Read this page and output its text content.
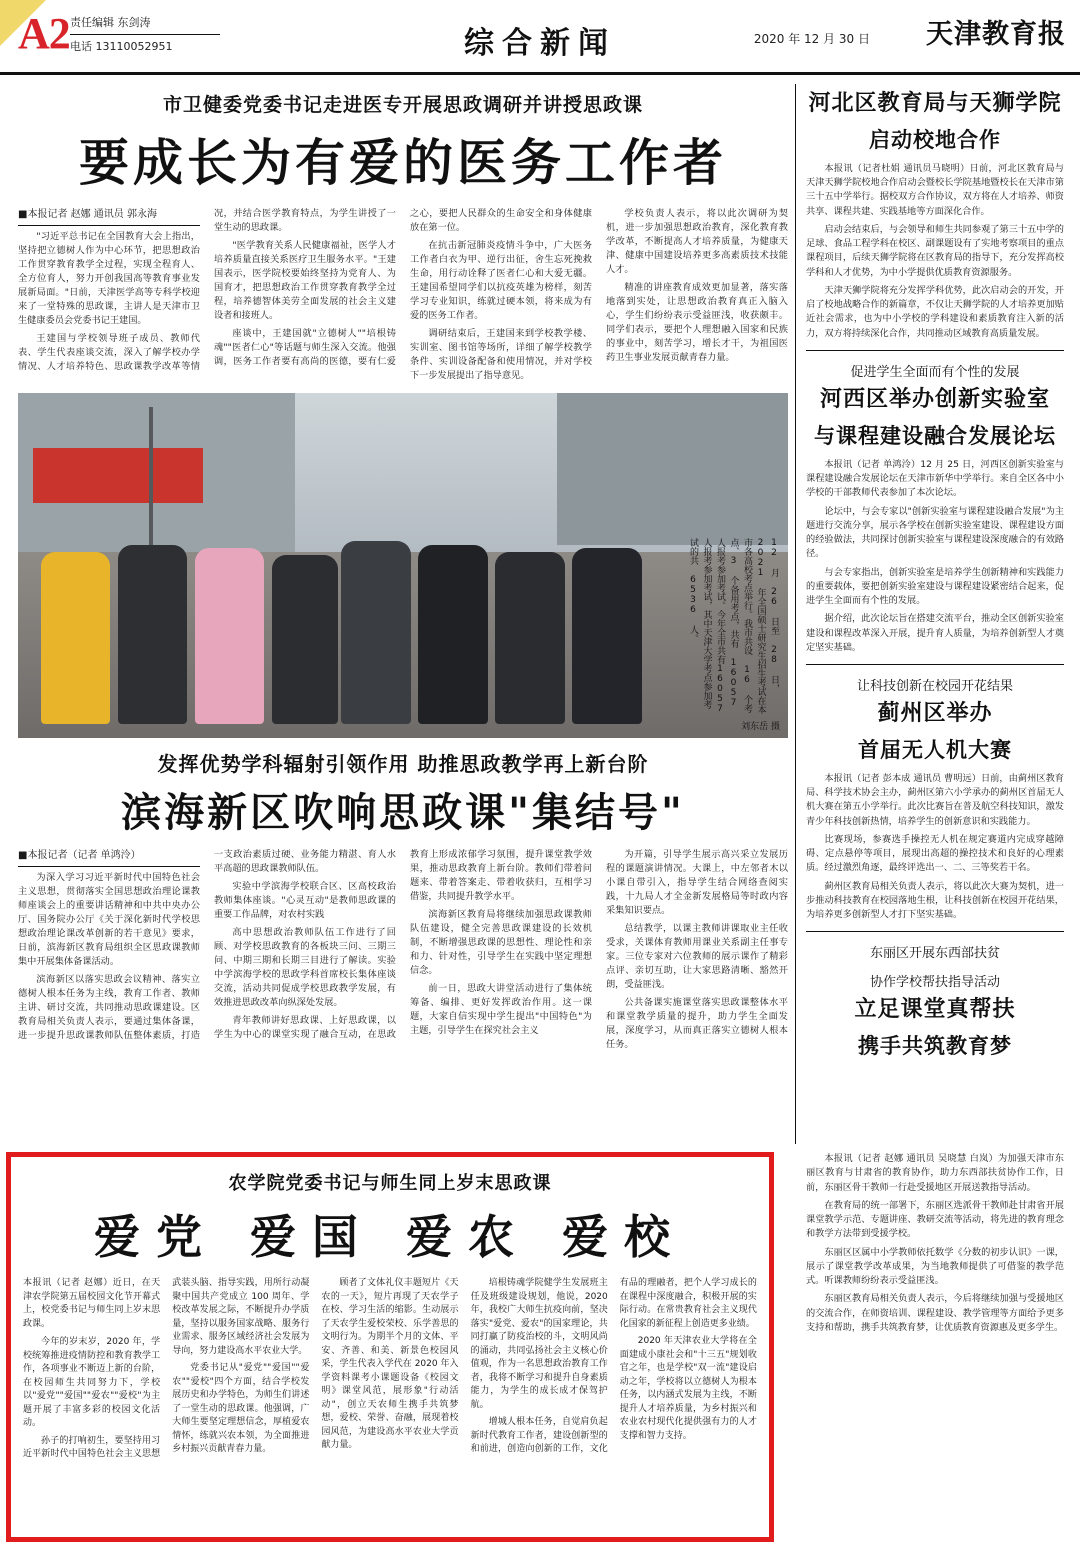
A2 责任编辑 东剑涛
电话 13110052951	综合新闻	2020 年 12 月 30 日 天津教育报
市卫健委党委书记走进医专开展思政调研并讲授思政课
要成长为有爱的医务工作者
■本报记者 赵娜 通讯员 郭永海

"习近平总书记在全国教育大会上指出，坚持把立德树人作为中心环节，把思想政治工作贯穿教育教学全过程，实现全程育人、全方位育人，努力开创我国高等教育事业发展新局面。"日前，天津医学高等专科学校迎来了一堂特殊的思政课，主讲人是天津市卫生健康委员会党委书记王建国。

王建国与学校领导班子成员、教师代表、学生代表座谈交流，深入了解学校办学情况、人才培养特色、思政课教学改革等情况，并结合医学教育特点，为学生讲授了一堂生动的思政课。

"医学教育关系人民健康福祉，医学人才培养质量直接关系医疗卫生服务水平。"王建国表示，医学院校要始终坚持为党育人、为国育才，把思想政治工作贯穿教育教学全过程，培养德智体美劳全面发展的社会主义建设者和接班人。

座谈中，王建国就"立德树人""培根铸魂""医者仁心"等话题与师生深入交流。他强调，医务工作者要有高尚的医德，要有仁爱之心，要把人民群众的生命安全和身体健康放在第一位。

在抗击新冠肺炎疫情斗争中，广大医务工作者白衣为甲、逆行出征，舍生忘死挽救生命，用行动诠释了医者仁心和大爱无疆。王建国希望同学们以抗疫英雄为榜样，刻苦学习专业知识，练就过硬本领，将来成为有爱的医务工作者。

调研结束后，王建国来到学校教学楼、实训室、图书馆等场所，详细了解学校教学条件、实训设备配备和使用情况，并对学校下一步发展提出了指导意见。

学校负责人表示，将以此次调研为契机，进一步加强思想政治教育，深化教育教学改革，不断提高人才培养质量，为健康天津、健康中国建设培养更多高素质技术技能人才。

精准的讲座教育成效更加显著，落实落地落到实处，让思想政治教育真正入脑入心，学生们纷纷表示受益匪浅，收获颇丰。同学们表示，要把个人理想融入国家和民族的事业中，刻苦学习，增长才干，为祖国医药卫生事业发展贡献青春力量。

12 月 26 日至 28 日，2021 年全国硕士研究生招生考试在本市各高校考点举行。我市共设 16 个考点、3 个备用考点，共有 16057 人报考参加考试。今年全市共有16057 人报考参加考试，其中天津大学考点参加考试的共 6536 人。
刘东岳 摄
发挥优势学科辐射引领作用 助推思政教学再上新台阶
滨海新区吹响思政课"集结号"
■本报记者（记者 单鸿泠）

为深入学习习近平新时代中国特色社会主义思想，贯彻落实全国思想政治理论课教师座谈会上的重要讲话精神和中共中央办公厅、国务院办公厅《关于深化新时代学校思想政治理论课改革创新的若干意见》要求，日前，滨海新区教育局组织全区思政课教师集中开展集体备课活动。

滨海新区以落实思政会议精神、落实立德树人根本任务为主线，教育工作者、教师主讲、研讨交流，共同推动思政课建设。区教育局相关负责人表示，要通过集体备课，进一步提升思政课教师队伍整体素质，打造一支政治素质过硬、业务能力精湛、育人水平高超的思政课教师队伍。

实验中学滨海学校联合区、区高校政治教师集体座谈。"心灵互动"是教师思政课的重要工作品牌，对农村实践

高中思想政治教师队伍工作进行了回顾、对学校思政教育的各板块三问、三期三问、中期三期和长期三目进行了解读。实验中学滨海学校的思政学科首席校长集体座谈交流，活动共同促成学校思政教学发展，有效推进思政改革向纵深处发展。

青年教师讲好思政课、上好思政课，以学生为中心的课堂实现了融合互动，在思政教育上形成浓郁学习氛围，提升课堂教学效果，推动思政教育上新台阶。教师们带着问题来、带着答案走、带着收获归，互相学习借鉴，共同提升教学水平。

滨海新区教育局将继续加强思政课教师队伍建设，健全完善思政课建设的长效机制，不断增强思政课的思想性、理论性和亲和力、针对性，引导学生在实践中坚定理想信念。

前一日，思政大讲堂活动进行了集体统筹备、编排、更好发挥政治作用。这一课题，大家自信实现中学生提出"中国特色"为主题，引导学生在探究社会主义

为开篇，引导学生展示高兴采立发展历程的课题演讲情况。大课上，中左邻者木以小课自带引入，指导学生结合网络查阅实践，十九局人才全金新发展格局等时政内容采集知识要点。

总结教学，以课主教师讲课取业主任收受求，关课体育教师用课业关系副主任事专家。三位专家对六位教师的展示课作了精彩点评、亲切互助，让大家思路清晰、豁然开朗，受益匪浅。

公共备课实施课堂落实思政课整体水平和课堂教学质量的提升，助力学生全面发展，深度学习，从而真正落实立德树人根本任务。

河北区教育局与天狮学院
启动校地合作

本报讯（记者杜娟 通讯员马晓明）日前，河北区教育局与天津天狮学院校地合作启动会暨校长学院基地暨校长在天津市第三十五中学举行。据校双方合作协议，双方将在人才培养、师资共享、课程共建、实践基地等方面深化合作。

启动会结束后，与会领导和师生共同参观了第三十五中学的足球、食品工程学科在校区、副课题设有了实地考察项目的重点课程项目，后续天狮学院将在区教育局的指导下，充分发挥高校学科和人才优势，为中小学提供优质教育资源服务。

天津天狮学院将充分发挥学科优势，此次启动会的开发，开启了校地战略合作的新篇章，不仅让天狮学院的人才培养更加贴近社会需求，也为中小学校的学科建设和素质教育注入新的活力，双方将持续深化合作，共同推动区域教育高质量发展。

促进学生全面而有个性的发展
河西区举办创新实验室
与课程建设融合发展论坛

本报讯（记者 单鸿泠）12 月 25 日，河西区创新实验室与课程建设融合发展论坛在天津市新华中学举行。来自全区各中小学校的干部教师代表参加了本次论坛。

论坛中，与会专家以"创新实验室与课程建设融合发展"为主题进行交流分享，展示各学校在创新实验室建设、课程建设方面的经验做法，共同探讨创新实验室与课程建设深度融合的有效路径。

与会专家指出，创新实验室是培养学生创新精神和实践能力的重要载体，要把创新实验室建设与课程建设紧密结合起来，促进学生全面而有个性的发展。

据介绍，此次论坛旨在搭建交流平台，推动全区创新实验室建设和课程改革深入开展，提升育人质量，为培养创新型人才奠定坚实基础。

让科技创新在校园开花结果
蓟州区举办
首届无人机大赛

本报讯（记者 彭本成 通讯员 曹明远）日前，由蓟州区教育局、科学技术协会主办，蓟州区第六小学承办的蓟州区首届无人机大赛在第五小学举行。此次比赛旨在普及航空科技知识，激发青少年科技创新热情，培养学生的创新意识和实践能力。

比赛现场，参赛选手操控无人机在规定赛道内完成穿越障碍、定点悬停等项目，展现出高超的操控技术和良好的心理素质。经过激烈角逐，最终评选出一、二、三等奖若干名。

蓟州区教育局相关负责人表示，将以此次大赛为契机，进一步推动科技教育在校园落地生根，让科技创新在校园开花结果，为培养更多创新型人才打下坚实基础。

东丽区开展东西部扶贫
协作学校帮扶指导活动
立足课堂真帮扶
携手共筑教育梦

本报讯（记者 赵娜 通讯员 吴晓慧 白岚）为加强天津市东丽区教育与甘肃省的教育协作，助力东西部扶贫协作工作，日前，东丽区骨干教师一行赴受援地区开展送教指导活动。

在教育局的统一部署下，东丽区选派骨干教师赴甘肃省开展课堂教学示范、专题讲座、教研交流等活动，将先进的教育理念和教学方法带到受援学校。

东丽区区属中小学教师依托数学《分数的初步认识》一课，展示了课堂教学改革成果，为当地教师提供了可借鉴的教学范式。听课教师纷纷表示受益匪浅。

东丽区教育局相关负责人表示，今后将继续加强与受援地区的交流合作，在师资培训、课程建设、教学管理等方面给予更多支持和帮助，携手共筑教育梦，让优质教育资源惠及更多学生。

农学院党委书记与师生同上岁末思政课
爱党 爱国 爱农 爱校
本报讯（记者 赵娜）近日，在天津农学院第五届校园文化节开幕式上，校党委书记与师生同上岁末思政课。

今年的岁末岁，2020 年，学校统筹推进疫情防控和教育教学工作，各项事业不断迈上新的台阶，在校园师生共同努力下，学校以"爱党""爱国""爱农""爱校"为主题开展了丰富多彩的校园文化活动。

孙子的打响初生，要坚持用习近平新时代中国特色社会主义思想武装头脑、指导实践，用所行动凝聚中国共产党成立 100 周年、学校改革发展之际，不断提升办学质量，坚持以服务国家战略、服务行业需求、服务区域经济社会发展为导向，努力建设高水平农业大学。

党委书记从"爱党""爱国""爱农""爱校"四个方面，结合学校发展历史和办学特色，为师生们讲述了一堂生动的思政课。他强调，广大师生要坚定理想信念，厚植爱农情怀，练就兴农本领，为全面推进乡村振兴贡献青春力量。

顾者了文体礼仪丰题短片《天农的一天》，短片再现了天农学子在校、学习生活的缩影。生动展示了天农学生爱校荣校、乐学善思的文明行为。为期半个月的文体、平安、齐善、和美、新景色校园风采，学生代表入学代在 2020 年入学资料课考小课题设备《校园文明》课堂风范，展形象"行动活动"，创立天农师生携手共筑梦想，爱校、荣誉、奋融，展现着校园风范，为建设高水平农业大学贡献力量。

培根铸魂学院健学生发展班主任及班级建设规划，他说，2020 年，我校广大师生抗疫向前，坚决落实"爱党、爱农"的国家理论，共同打赢了防疫治校的斗，文明风尚的涌动，共同弘扬社会主义核心价值观，作为一名思想政治教育工作者，我将不断学习和提升自身素质能力，为学生的成长成才保驾护航。

增城人根本任务，自觉肩负起新时代教育工作者，建设创新型的和前进，创造向创新的工作，文化有品的理融者，把个人学习成长的在课程中深度融合，积极开展的实际行动。在常贵教育社会主义现代化国家的新征程上创造更多业绩。

2020 年天津农业大学将在全面建成小康社会和"十三五"规划收官之年，也是学校"双一流"建设启动之年，学校将以立德树人为根本任务，以内涵式发展为主线，不断提升人才培养质量，为乡村振兴和农业农村现代化提供强有力的人才支撑和智力支持。
